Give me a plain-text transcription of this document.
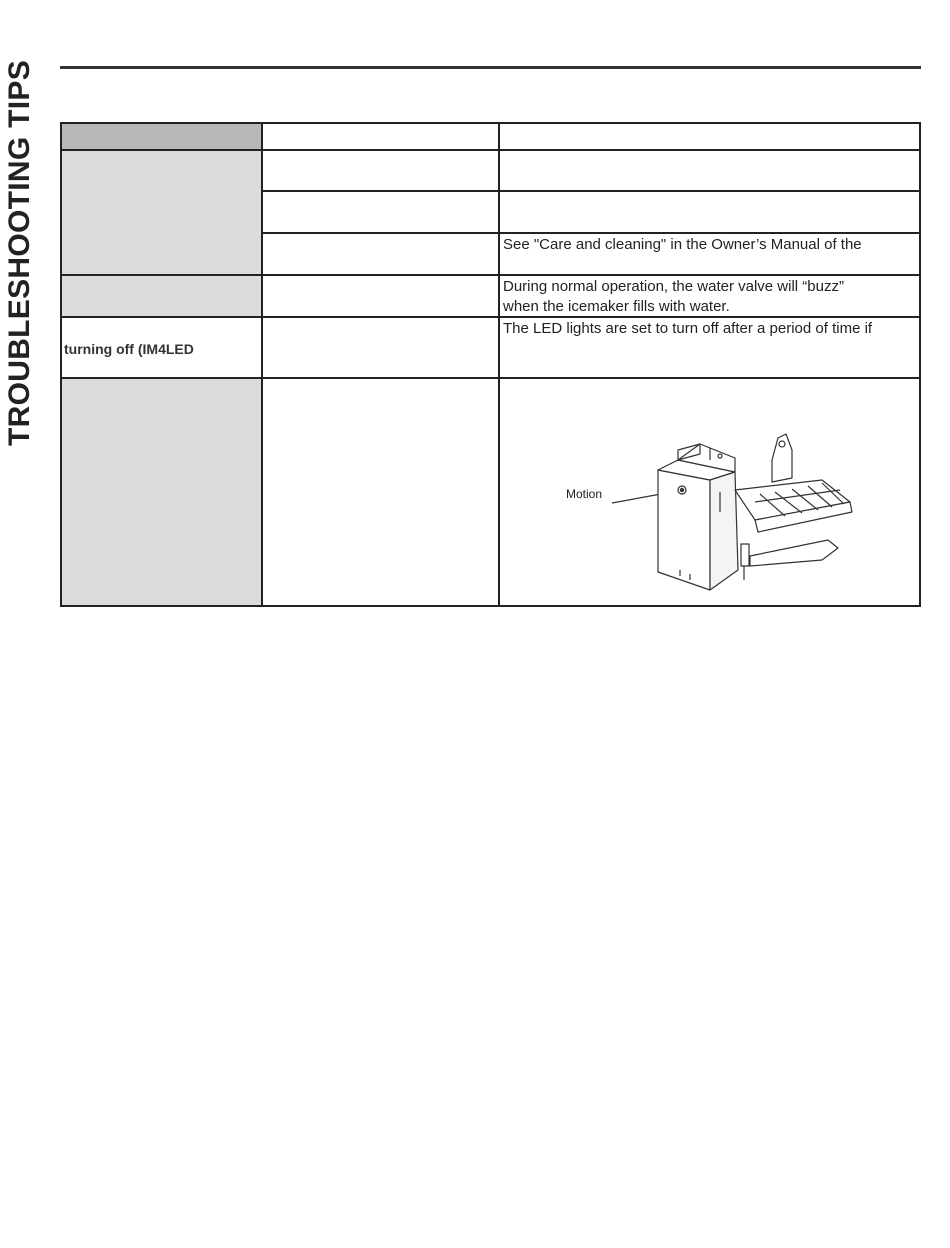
TROUBLESHOOTING TIPS turning off (IM4LED
See "Care and cleaning" in the Owner’s Manual of the
During normal operation, the water valve will “buzz”
when the icemaker fills with water.
The LED lights are set to turn off after a period of time if
Motion
